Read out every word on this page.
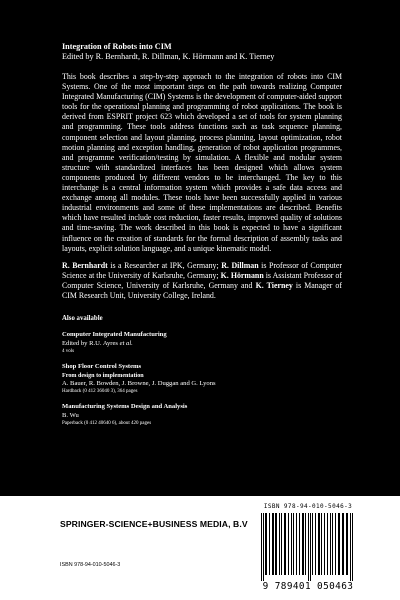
Integration of Robots into CIM
Edited by R. Bernhardt, R. Dillman, K. Hörmann and K. Tierney
This book describes a step-by-step approach to the integration of robots into CIM Systems. One of the most important steps on the path towards realizing Computer Integrated Manufacturing (CIM) Systems is the development of computer-aided support tools for the operational planning and programming of robot applications. The book is derived from ESPRIT project 623 which developed a set of tools for system planning and programming. These tools address functions such as task sequence planning, component selection and layout planning, process planning, layout optimization, robot motion planning and exception handling, generation of robot application programmes, and programme verification/testing by simulation. A flexible and modular system structure with standardized interfaces has been designed which allows system components produced by different vendors to be interchanged. The key to this interchange is a central information system which provides a safe data access and exchange among all modules. These tools have been successfully applied in various industrial environments and some of these implementations are described. Benefits which have resulted include cost reduction, faster results, improved quality of solutions and time-saving. The work described in this book is expected to have a significant influence on the creation of standards for the formal description of assembly tasks and layouts, explicit solution language, and a unique kinematic model.
R. Bernhardt is a Researcher at IPK, Germany; R. Dillman is Professor of Computer Science at the University of Karlsruhe, Germany; K. Hörmann is Assistant Professor of Computer Science, University of Karlsruhe, Germany and K. Tierney is Manager of CIM Research Unit, University College, Ireland.
Also available
Computer Integrated Manufacturing
Edited by R.U. Ayres et al.
4 vols
Shop Floor Control Systems
From design to implementation
A. Bauer, R. Bowden, J. Browne, J. Duggan and G. Lyons
Hardback (0 412 36040 3), 364 pages
Manufacturing Systems Design and Analysis
B. Wu
Paperback (0 412 40640 6), about 420 pages
SPRINGER-SCIENCE+BUSINESS MEDIA, B.V
ISBN 978-94-010-5046-3
ISBN 978-94-010-5046-3
9 789401 050463
